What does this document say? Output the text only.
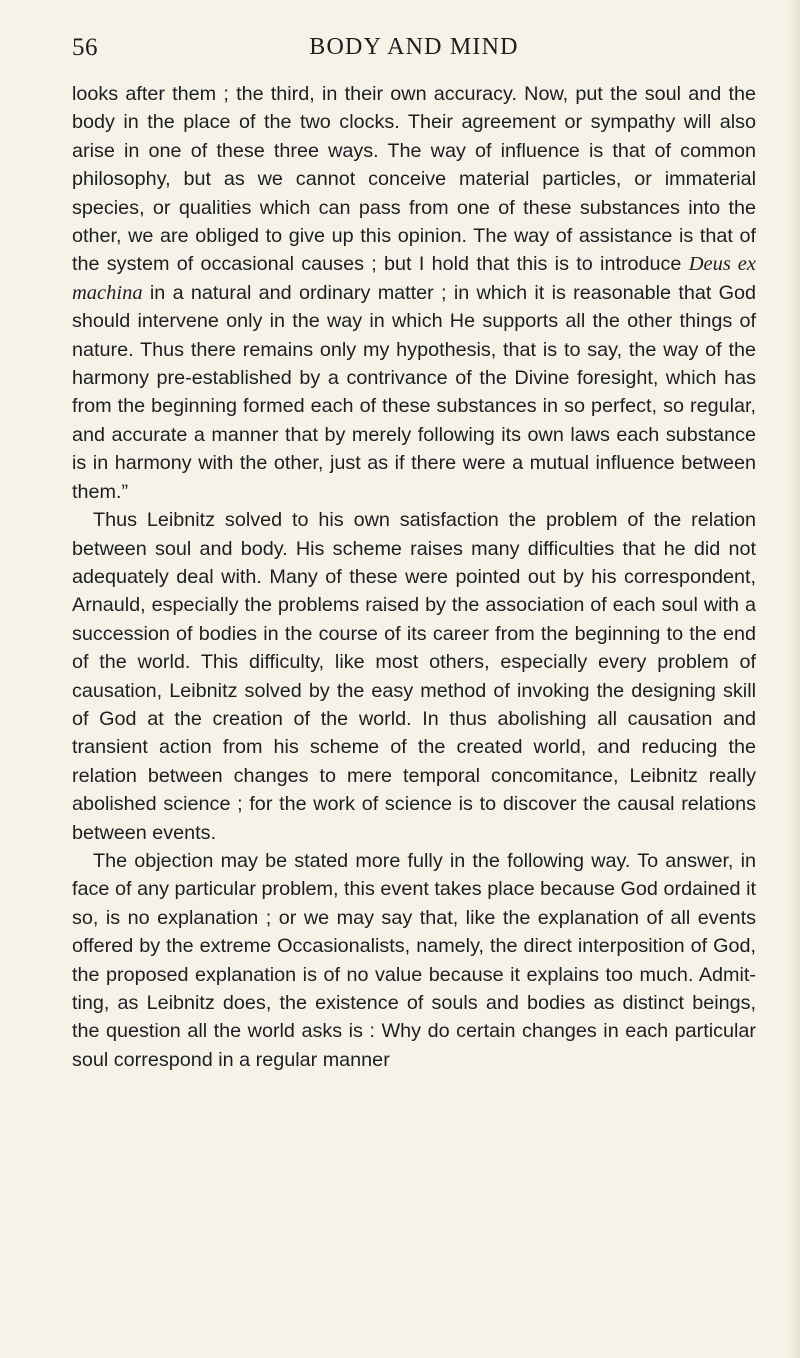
56	BODY AND MIND

looks after them ; the third, in their own accuracy. Now, put the soul and the body in the place of the two clocks. Their agreement or sympathy will also arise in one of these three ways. The way of influence is that of common philosophy, but as we cannot conceive material particles, or immaterial species, or qualities which can pass from one of these substances into the other, we are obliged to give up this opinion. The way of assistance is that of the system of occasional causes ; but I hold that this is to introduce Deus ex machina in a natural and ordinary matter ; in which it is reasonable that God should intervene only in the way in which He supports all the other things of nature. Thus there remains only my hypothesis, that is to say, the way of the harmony pre-established by a contrivance of the Divine foresight, which has from the beginning formed each of these substances in so perfect, so regular, and accurate a manner that by merely following its own laws each substance is in harmony with the other, just as if there were a mutual influence between them.”

Thus Leibnitz solved to his own satisfaction the problem of the relation between soul and body. His scheme raises many difficulties that he did not adequately deal with. Many of these were pointed out by his correspondent, Arnauld, especially the problems raised by the association of each soul with a succession of bodies in the course of its career from the beginning to the end of the world. This difficulty, like most others, especially every problem of causation, Leibnitz solved by the easy method of invoking the designing skill of God at the creation of the world. In thus abolishing all causation and transient action from his scheme of the created world, and reducing the relation between changes to mere temporal concomitance, Leibnitz really abolished science ; for the work of science is to discover the causal relations between events.

The objection may be stated more fully in the following way. To answer, in face of any particular problem, this event takes place because God ordained it so, is no explanation ; or we may say that, like the explanation of all events offered by the extreme Occasionalists, namely, the direct interposition of God, the proposed explanation is of no value because it explains too much. Admit-ting, as Leibnitz does, the existence of souls and bodies as distinct beings, the question all the world asks is : Why do certain changes in each particular soul correspond in a regular manner
